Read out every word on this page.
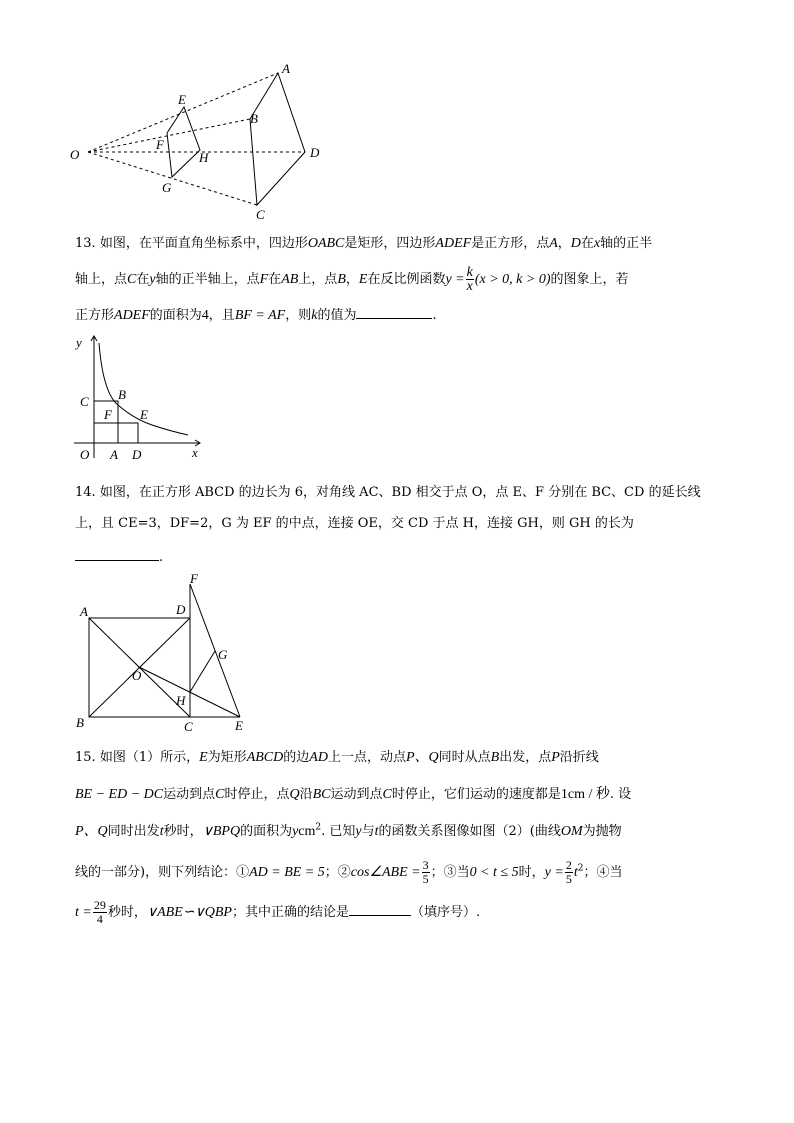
O
A
B
C
D
E
F
G
H

13. 如图，在平面直角坐标系中，四边形OABC是矩形，四边形ADEF是正方形，点A，D在x轴的正半

轴上，点C在y轴的正半轴上，点F在AB上，点B，E在反比例函数$y = \frac{k}{x} (x > 0$, k > 0)的图象上，若

正方形ADEF的面积为4，且BF = AF，则k的值为	.

y
x
O A D
C B
F E

14. 如图，在正方形 ABCD 的边长为 6，对角线 AC、BD 相交于点 O，点 E、F 分别在 BC、CD 的延长线

上，且 CE=3，DF=2，G 为 EF 的中点，连接 OE，交 CD 于点 H，连接 GH，则 GH 的长为

.

A
B	C
D
E
F
G
H
O

15. 如图（1）所示，E为矩形ABCD的边AD上一点，动点P、Q同时从点B出发，点P沿折线

BE − ED − DC运动到点C时停止，点Q沿BC运动到点C时停止，它们运动的速度都是1cm / 秒. 设

P、Q同时出发t秒时，∨BPQ的面积为ycm$^2$. 已知y与t的函数关系图像如图（2）(曲线OM为抛物

线的一部分)，则下列结论：①AD = BE = 5；②cos∠ABE = $\frac{3}{5}$ ；③当0 < t ≤ 5时，$y = \frac{2}{5} t^2$；④当

$t = \frac{29}{4}$ 秒时，∨ABE∽∨QBP；其中正确的结论是	（填序号）.
